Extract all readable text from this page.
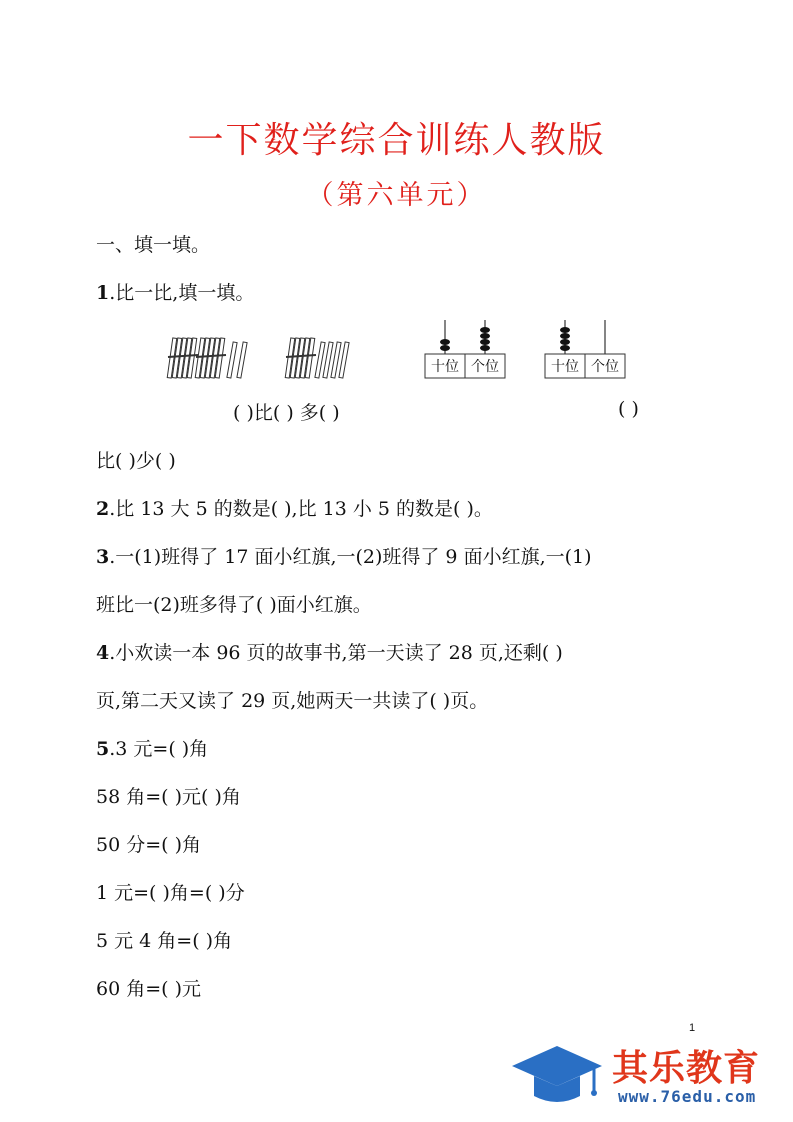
一下数学综合训练人教版
（第六单元）
一、填一填。
1.比一比,填一填。
十位 个位	十位 个位
( )比( ) 多( )	( )
比( )少( )
2.比 13 大 5 的数是( ),比 13 小 5 的数是( )。
3.一(1)班得了 17 面小红旗,一(2)班得了 9 面小红旗,一(1)
班比一(2)班多得了( )面小红旗。
4.小欢读一本 96 页的故事书,第一天读了 28 页,还剩( )
页,第二天又读了 29 页,她两天一共读了( )页。
5.3 元=( )角
58 角=( )元( )角
50 分=( )角
1 元=( )角=( )分
5 元 4 角=( )角
60 角=( )元
1
其乐教育
www.76edu.com
